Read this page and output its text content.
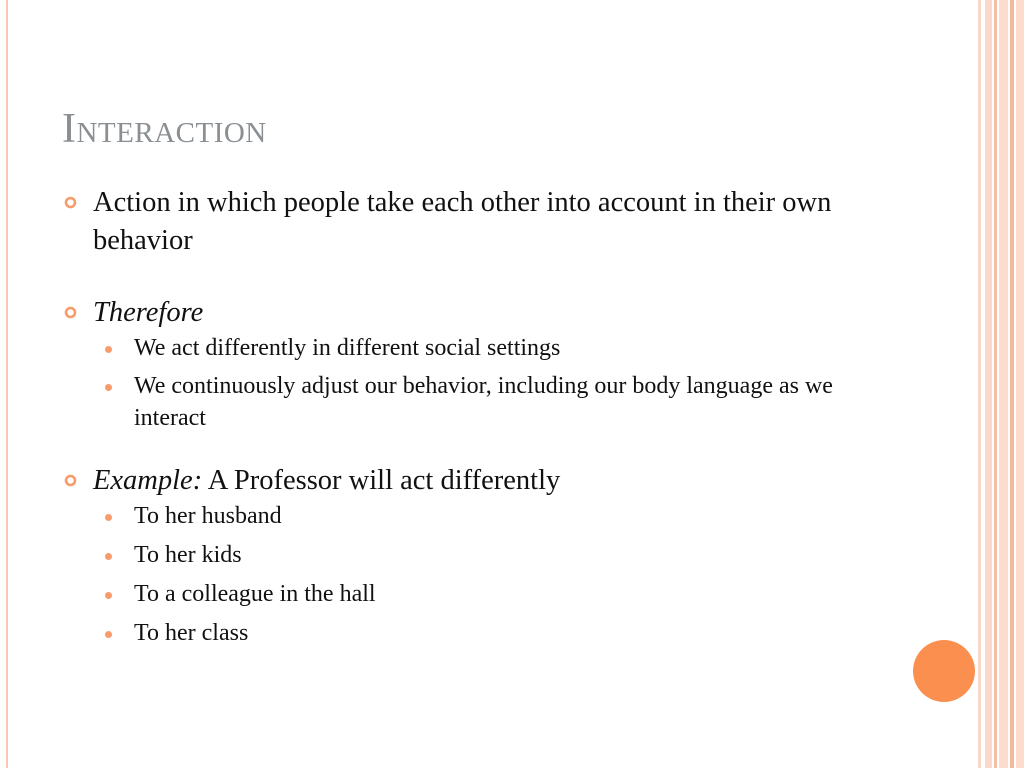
Interaction
Action in which people take each other into account in their own behavior
Therefore
We act differently in different social settings
We continuously adjust our behavior, including our body language as we interact
Example: A Professor will act differently
To her husband
To her kids
To a colleague in the hall
To her class
